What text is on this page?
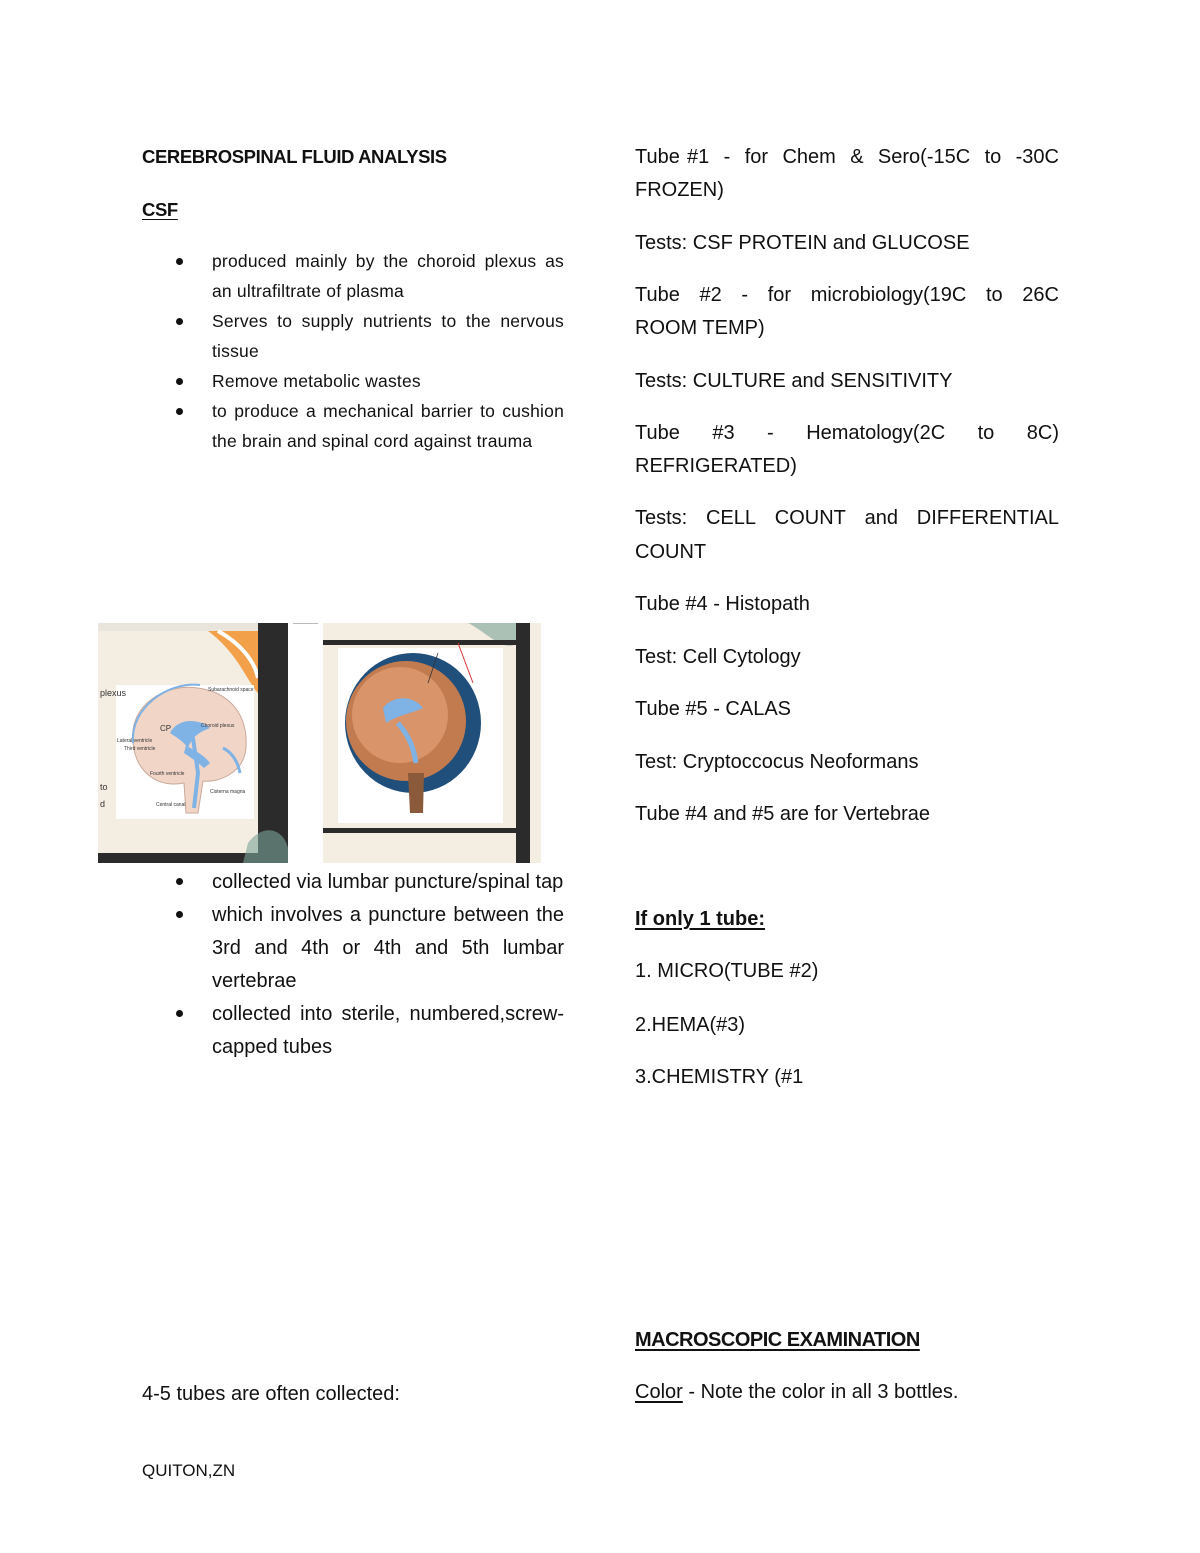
CEREBROSPINAL FLUID ANALYSIS
CSF
produced mainly by the choroid plexus as an ultrafiltrate of plasma
Serves to supply nutrients to the nervous tissue
Remove metabolic wastes
to produce a mechanical barrier to cushion the brain and spinal cord against trauma
plexus	Subarachnoid space
Choroid plexus
CP
Lateral ventricle
Third ventricle
Fourth ventricle
Cisterna magna
Central canal
to
d
collected via lumbar puncture/spinal tap
which involves a puncture between the 3rd and 4th or 4th and 5th lumbar vertebrae
collected into sterile, numbered,screw-capped tubes
4-5 tubes are often collected:
QUITON,ZN
Tube #1  -  for  Chem  &  Sero(-15C  to  -30C
FROZEN)
Tests: CSF PROTEIN and GLUCOSE
Tube  #2  -  for  microbiology(19C  to  26C
ROOM TEMP)
Tests: CULTURE and SENSITIVITY
Tube    #3    -    Hematology(2C    to    8C)
REFRIGERATED)
Tests:   CELL   COUNT   and   DIFFERENTIAL
COUNT
Tube #4 - Histopath
Test: Cell Cytology
Tube #5 - CALAS
Test: Cryptoccocus Neoformans
Tube #4 and #5 are for Vertebrae
If only 1 tube:
1. MICRO(TUBE #2)
2.HEMA(#3)
3.CHEMISTRY (#1
MACROSCOPIC EXAMINATION
Color - Note the color in all 3 bottles.
